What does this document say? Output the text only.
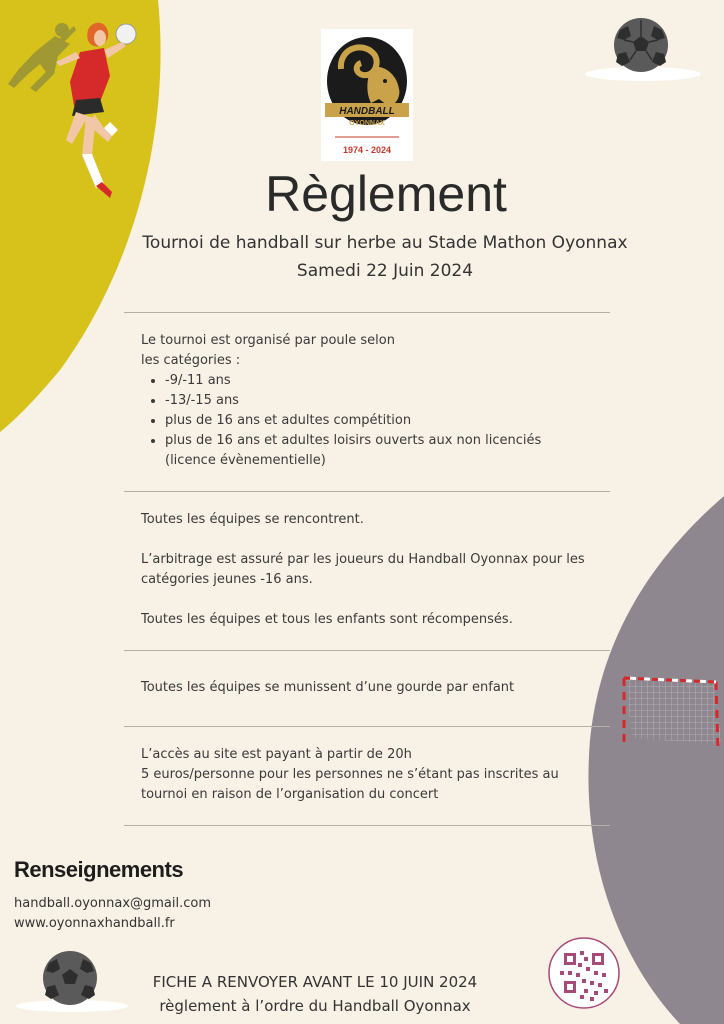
HANDBALL
OYONNAX
1974 - 2024
Règlement
Tournoi de handball sur herbe au Stade Mathon Oyonnax
Samedi 22 Juin 2024

Le tournoi est organisé par poule selon

les catégories :

• -9/-11 ans
• -13/-15 ans
• plus de 16 ans et adultes compétition
• plus de 16 ans et adultes loisirs ouverts aux non licenciés (licence évènementielle)

Toutes les équipes se rencontrent.

L’arbitrage est assuré par les joueurs du Handball Oyonnax pour les catégories jeunes -16 ans.

Toutes les équipes et tous les enfants sont récompensés.

Toutes les équipes se munissent d’une gourde par enfant

L’accès au site est payant à partir de 20h

5 euros/personne pour les personnes ne s’étant pas inscrites au tournoi en raison de l’organisation du concert

Renseignements
handball.oyonnax@gmail.com
www.oyonnaxhandball.fr
FICHE A RENVOYER AVANT LE 10 JUIN 2024
règlement à l’ordre du Handball Oyonnax
